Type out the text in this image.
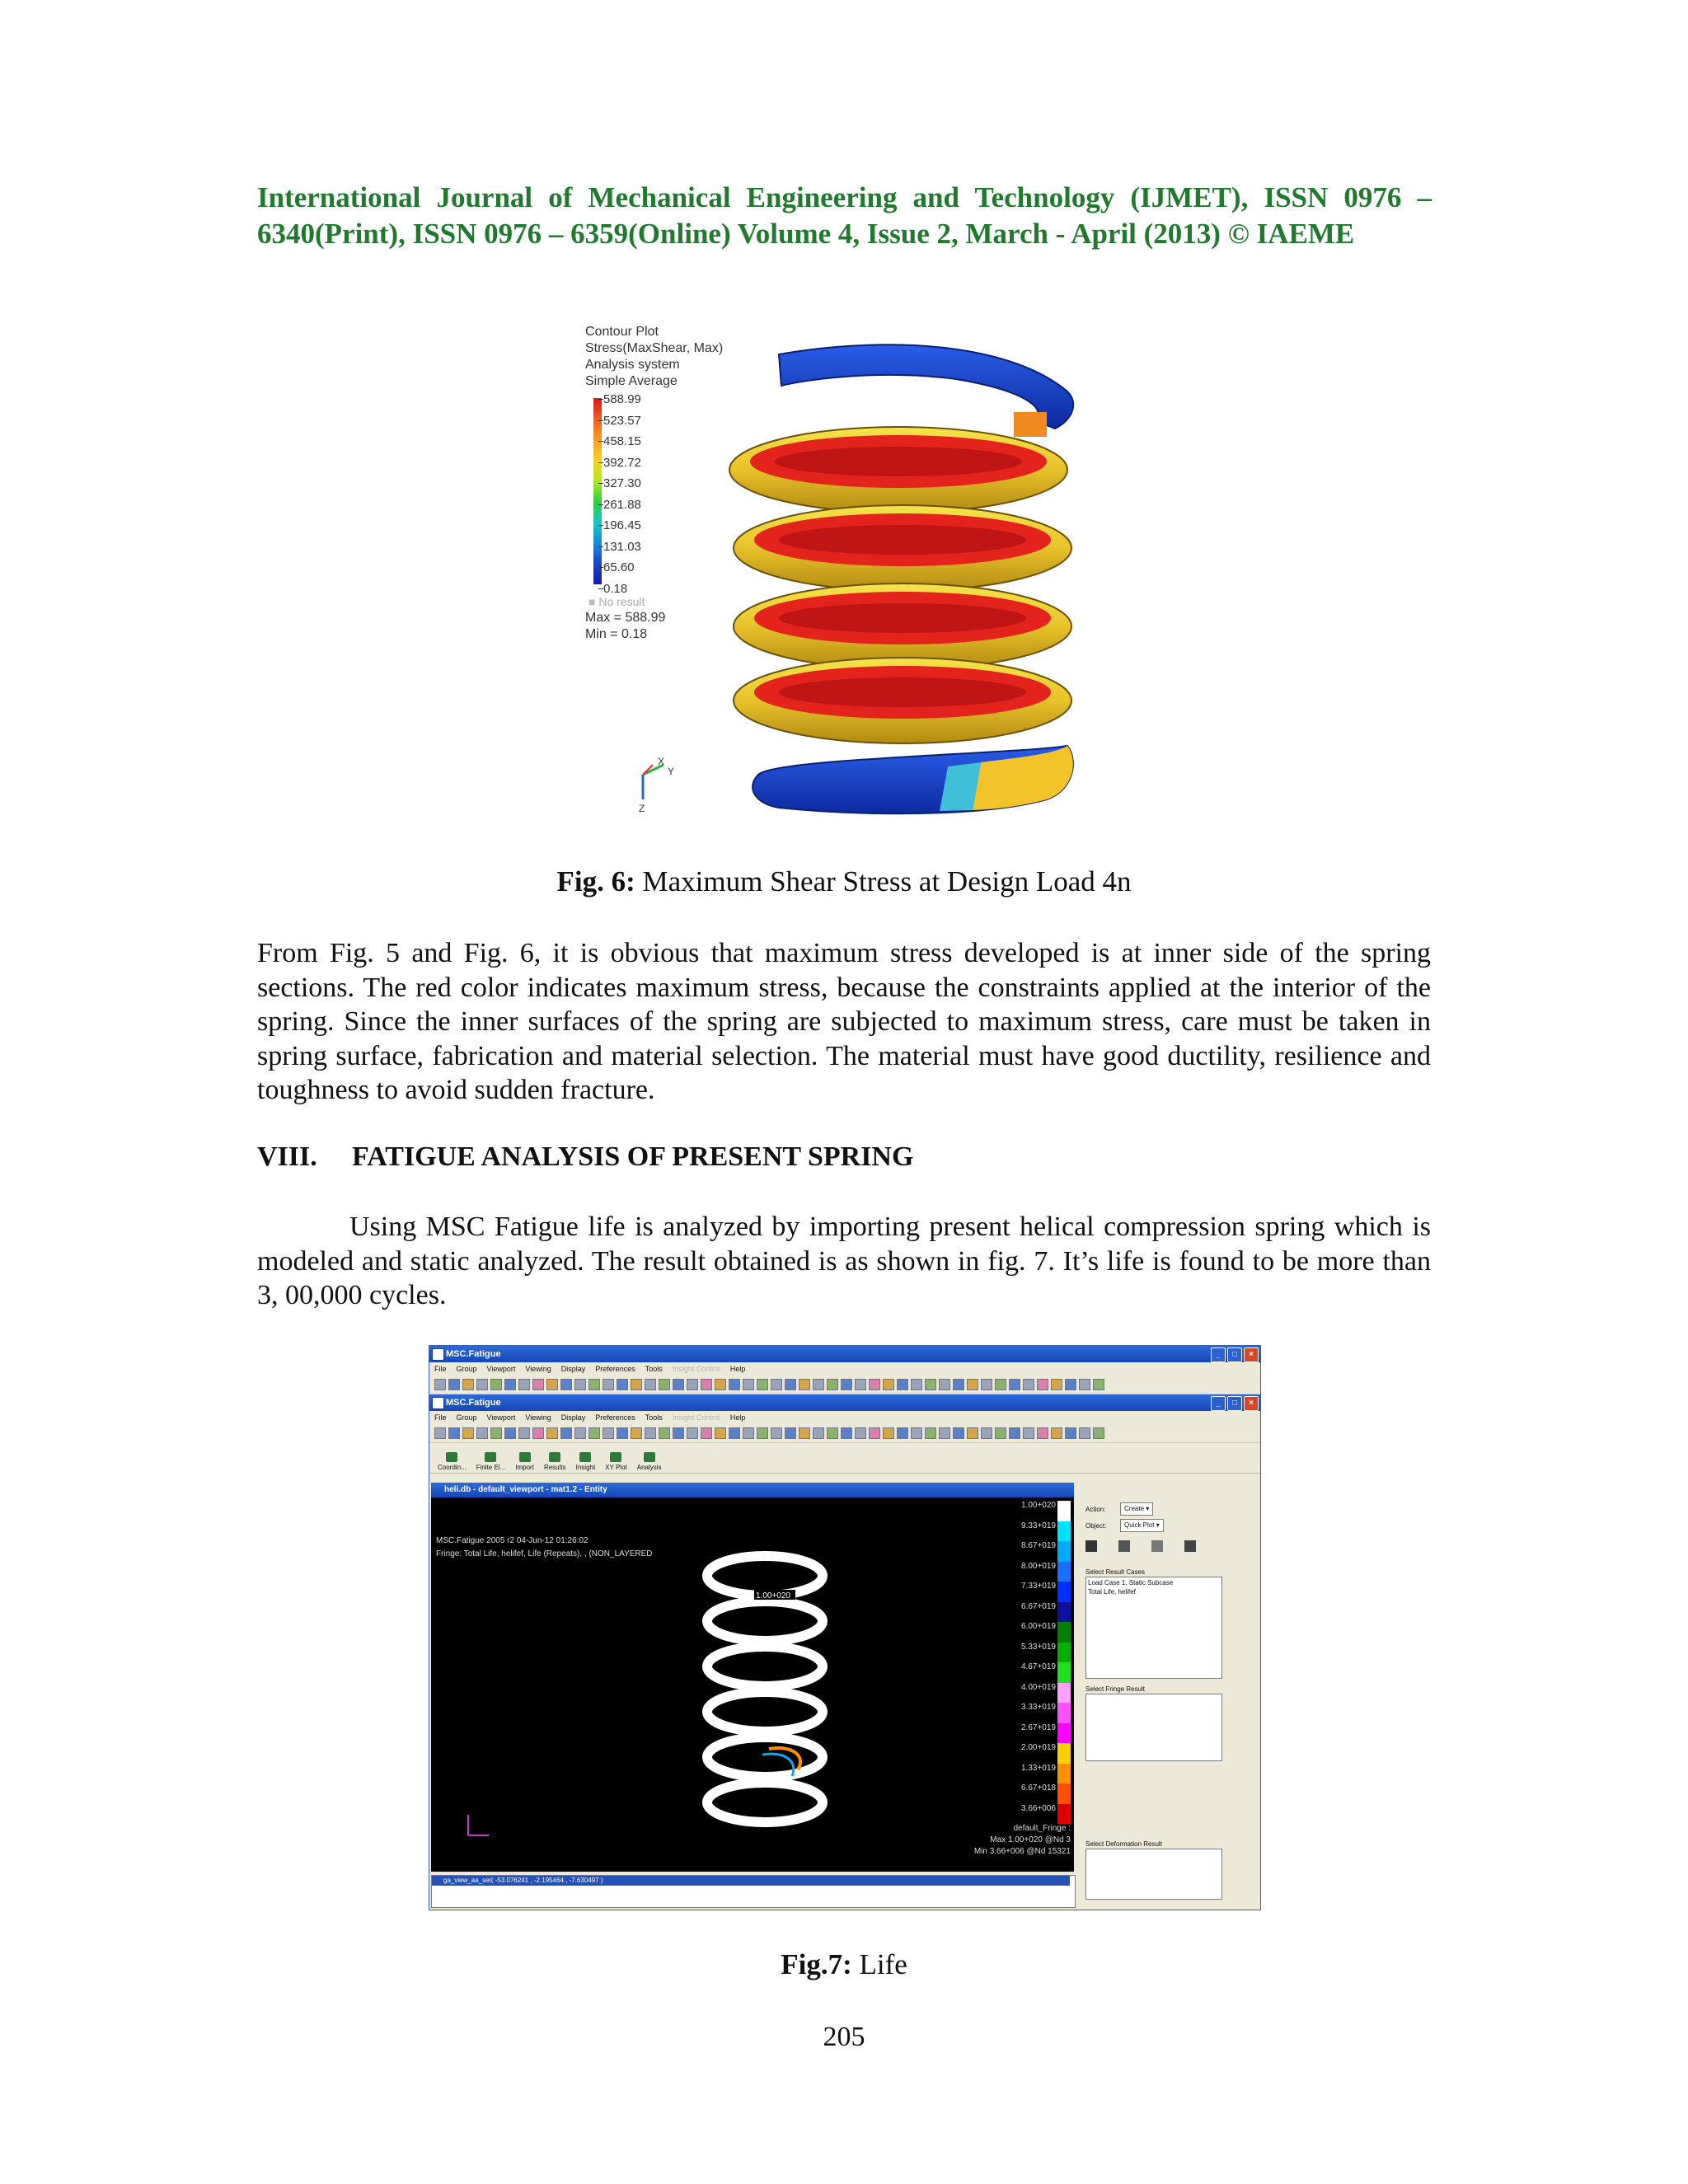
International Journal of Mechanical Engineering and Technology (IJMET), ISSN 0976 – 6340(Print), ISSN 0976 – 6359(Online) Volume 4, Issue 2, March - April (2013) © IAEME
Contour Plot
Stress(MaxShear, Max)
Analysis system
Simple Average
588.99
523.57
458.15
392.72
327.30
261.88
196.45
131.03
65.60
0.18
■ No result
Max = 588.99
Min = 0.18
X
Y
Z
Fig. 6: Maximum Shear Stress at Design Load 4n
From Fig. 5 and Fig. 6, it is obvious that maximum stress developed is at inner side of the spring sections. The red color indicates maximum stress, because the constraints applied at the interior of the spring. Since the inner surfaces of the spring are subjected to maximum stress, care must be taken in spring surface, fabrication and material selection. The material must have good ductility, resilience and toughness to avoid sudden fracture.
VIII. FATIGUE ANALYSIS OF PRESENT SPRING
Using MSC Fatigue life is analyzed by importing present helical compression spring which is modeled and static analyzed. The result obtained is as shown in fig. 7. It’s life is found to be more than 3, 00,000 cycles.
MSC.Fatigue	_	□	×
File Group Viewport Viewing Display Preferences Tools Insight Control Help
MSC.Fatigue	_	□	×
File Group Viewport Viewing Display Preferences Tools Insight Control Help
Coordin... Finite El... Import Results Insight XY Plot Analysis
heli.db - default_viewport - mat1.2 - Entity
MSC.Fatigue 2005 r2 04-Jun-12 01:26:02
Fringe: Total Life, helifef, Life (Repeats), , (NON_LAYERED
1.00+020
1.00+020
9.33+019
8.67+019
8.00+019
7.33+019
6.67+019
6.00+019
5.33+019
4.67+019
4.00+019
3.33+019
2.67+019
2.00+019
1.33+019
6.67+018
3.66+006
default_Fringe :
Max 1.00+020 @Nd 3
Min 3.66+006 @Nd 15321
Action:	Create ▾
Object:	Quick Plot ▾
Select Result Cases
Load Case 1, Static Subcase
Total Life, helifef
Select Fringe Result
Select Deformation Result
ga_view_aa_set( -53.076241 , -2.195464 , -7.630497 )
Fig.7: Life
205
